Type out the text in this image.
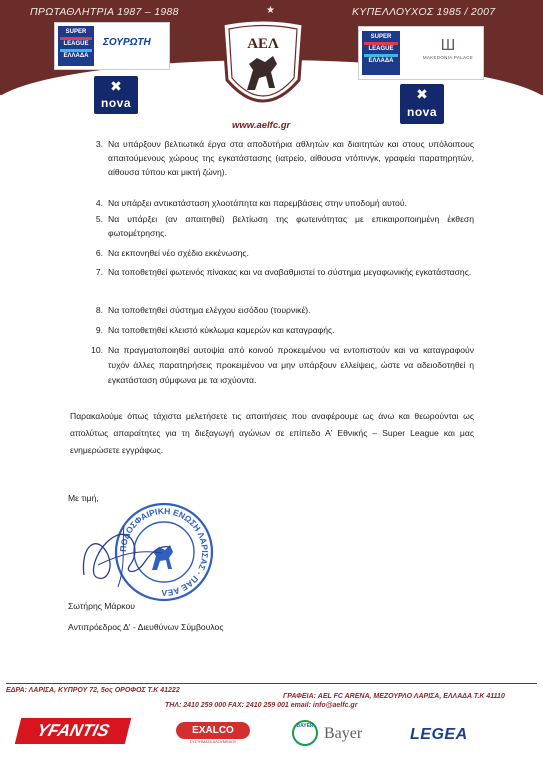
ΠΡΩΤΑΘΛΗΤΡΙΑ 1987 – 1988	★	ΚΥΠΕΛΛΟΥΧΟΣ 1985 / 2007
SUPER
LEAGUE
ΕΛΛΑΔΑ
ΣΟΥΡΩΤΗ
✖
nova
ΑΕΛ
www.aelfc.gr
SUPER
LEAGUE
ΕΛΛΑΔΑ
Ш
MAKEDONIA PALACE
✖
nova
3. Να υπάρξουν βελτιωτικά έργα στα αποδυτήρια αθλητών και διαιτητών και στους υπόλοιπους απαιτούμενους χώρους της εγκατάστασης (ιατρείο, αίθουσα ντόπινγκ, γραφεία παρατηρητών, αίθουσα τύπου και μικτή ζώνη).
4. Να υπάρξει αντικατάσταση χλοοτάπητα και παρεμβάσεις στην υποδομή αυτού.
5. Να υπάρξει (αν απαιτηθεί) βελτίωση της φωτεινότητας με επικαιροποιημένη έκθεση φωτομέτρησης.
6. Να εκπονηθεί νέο σχέδιο εκκένωσης.
7. Να τοποθετηθεί φωτεινός πίνακας και να αναβαθμιστεί το σύστημα μεγαφωνικής εγκατάστασης.
8. Να τοποθετηθεί σύστημα ελέγχου εισόδου (τουρνικέ).
9. Να τοποθετηθεί κλειστό κύκλωμα καμερών και καταγραφής.
10. Να πραγματοποιηθεί αυτοψία από κοινού προκειμένου να εντοπιστούν και να καταγραφούν τυχόν άλλες παρατηρήσεις προκειμένου να μην υπάρξουν ελλείψεις, ώστε να αδειοδοτηθεί η εγκατάσταση σύμφωνα με τα ισχύοντα.
Παρακαλούμε όπως τάχιστα μελετήσετε τις απαιτήσεις που αναφέρουμε ως άνω και θεωρούνται ως απολύτως απαραίτητες για τη διεξαγωγή αγώνων σε επίπεδο Α' Εθνικής – Super League και μας ενημερώσετε εγγράφως.
Με τιμή,
ΠΟΔΟΣΦΑΙΡΙΚΗ ΕΝΩΣΗ ΛΑΡΙΣΑΣ · ΠΑΕ ΑΕΛ
Σωτήρης Μάρκου
Αντιπρόεδρος Δ' - Διευθύνων Σύμβουλος
ΕΔΡΑ: ΛΑΡΙΣΑ, ΚΥΠΡΟΥ 72, 5ος ΟΡΟΦΟΣ Τ.Κ 41222
ΓΡΑΦΕΙΑ: AEL FC ARENA, ΜΕΖΟΥΡΛΟ ΛΑΡΙΣΑ, ΕΛΛΑΔΑ Τ.Κ 41110
ΤΗΛ: 2410 259 000 FAX: 2410 259 001 email: info@aelfc.gr
YFANTIS	EXALCO
ΣΥΣΤΗΜΑΤΑ ΑΛΟΥΜΙΝΙΟΥ
BAYER Bayer	LEGEA
